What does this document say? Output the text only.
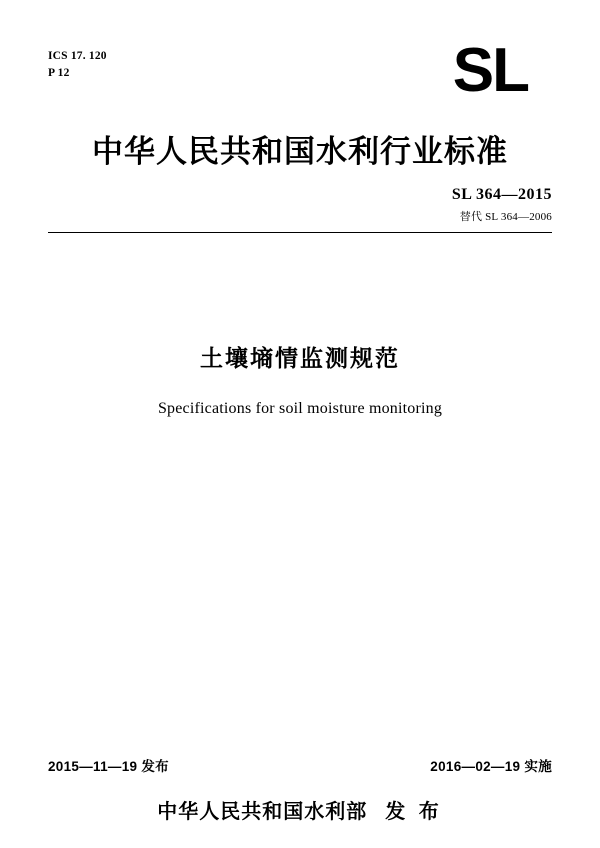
ICS 17. 120
P 12	SL
中华人民共和国水利行业标准
SL 364—2015
替代 SL 364—2006
土壤墒情监测规范
Specifications for soil moisture monitoring
2015—11—19 发布	2016—02—19 实施
中华人民共和国水利部 发 布
